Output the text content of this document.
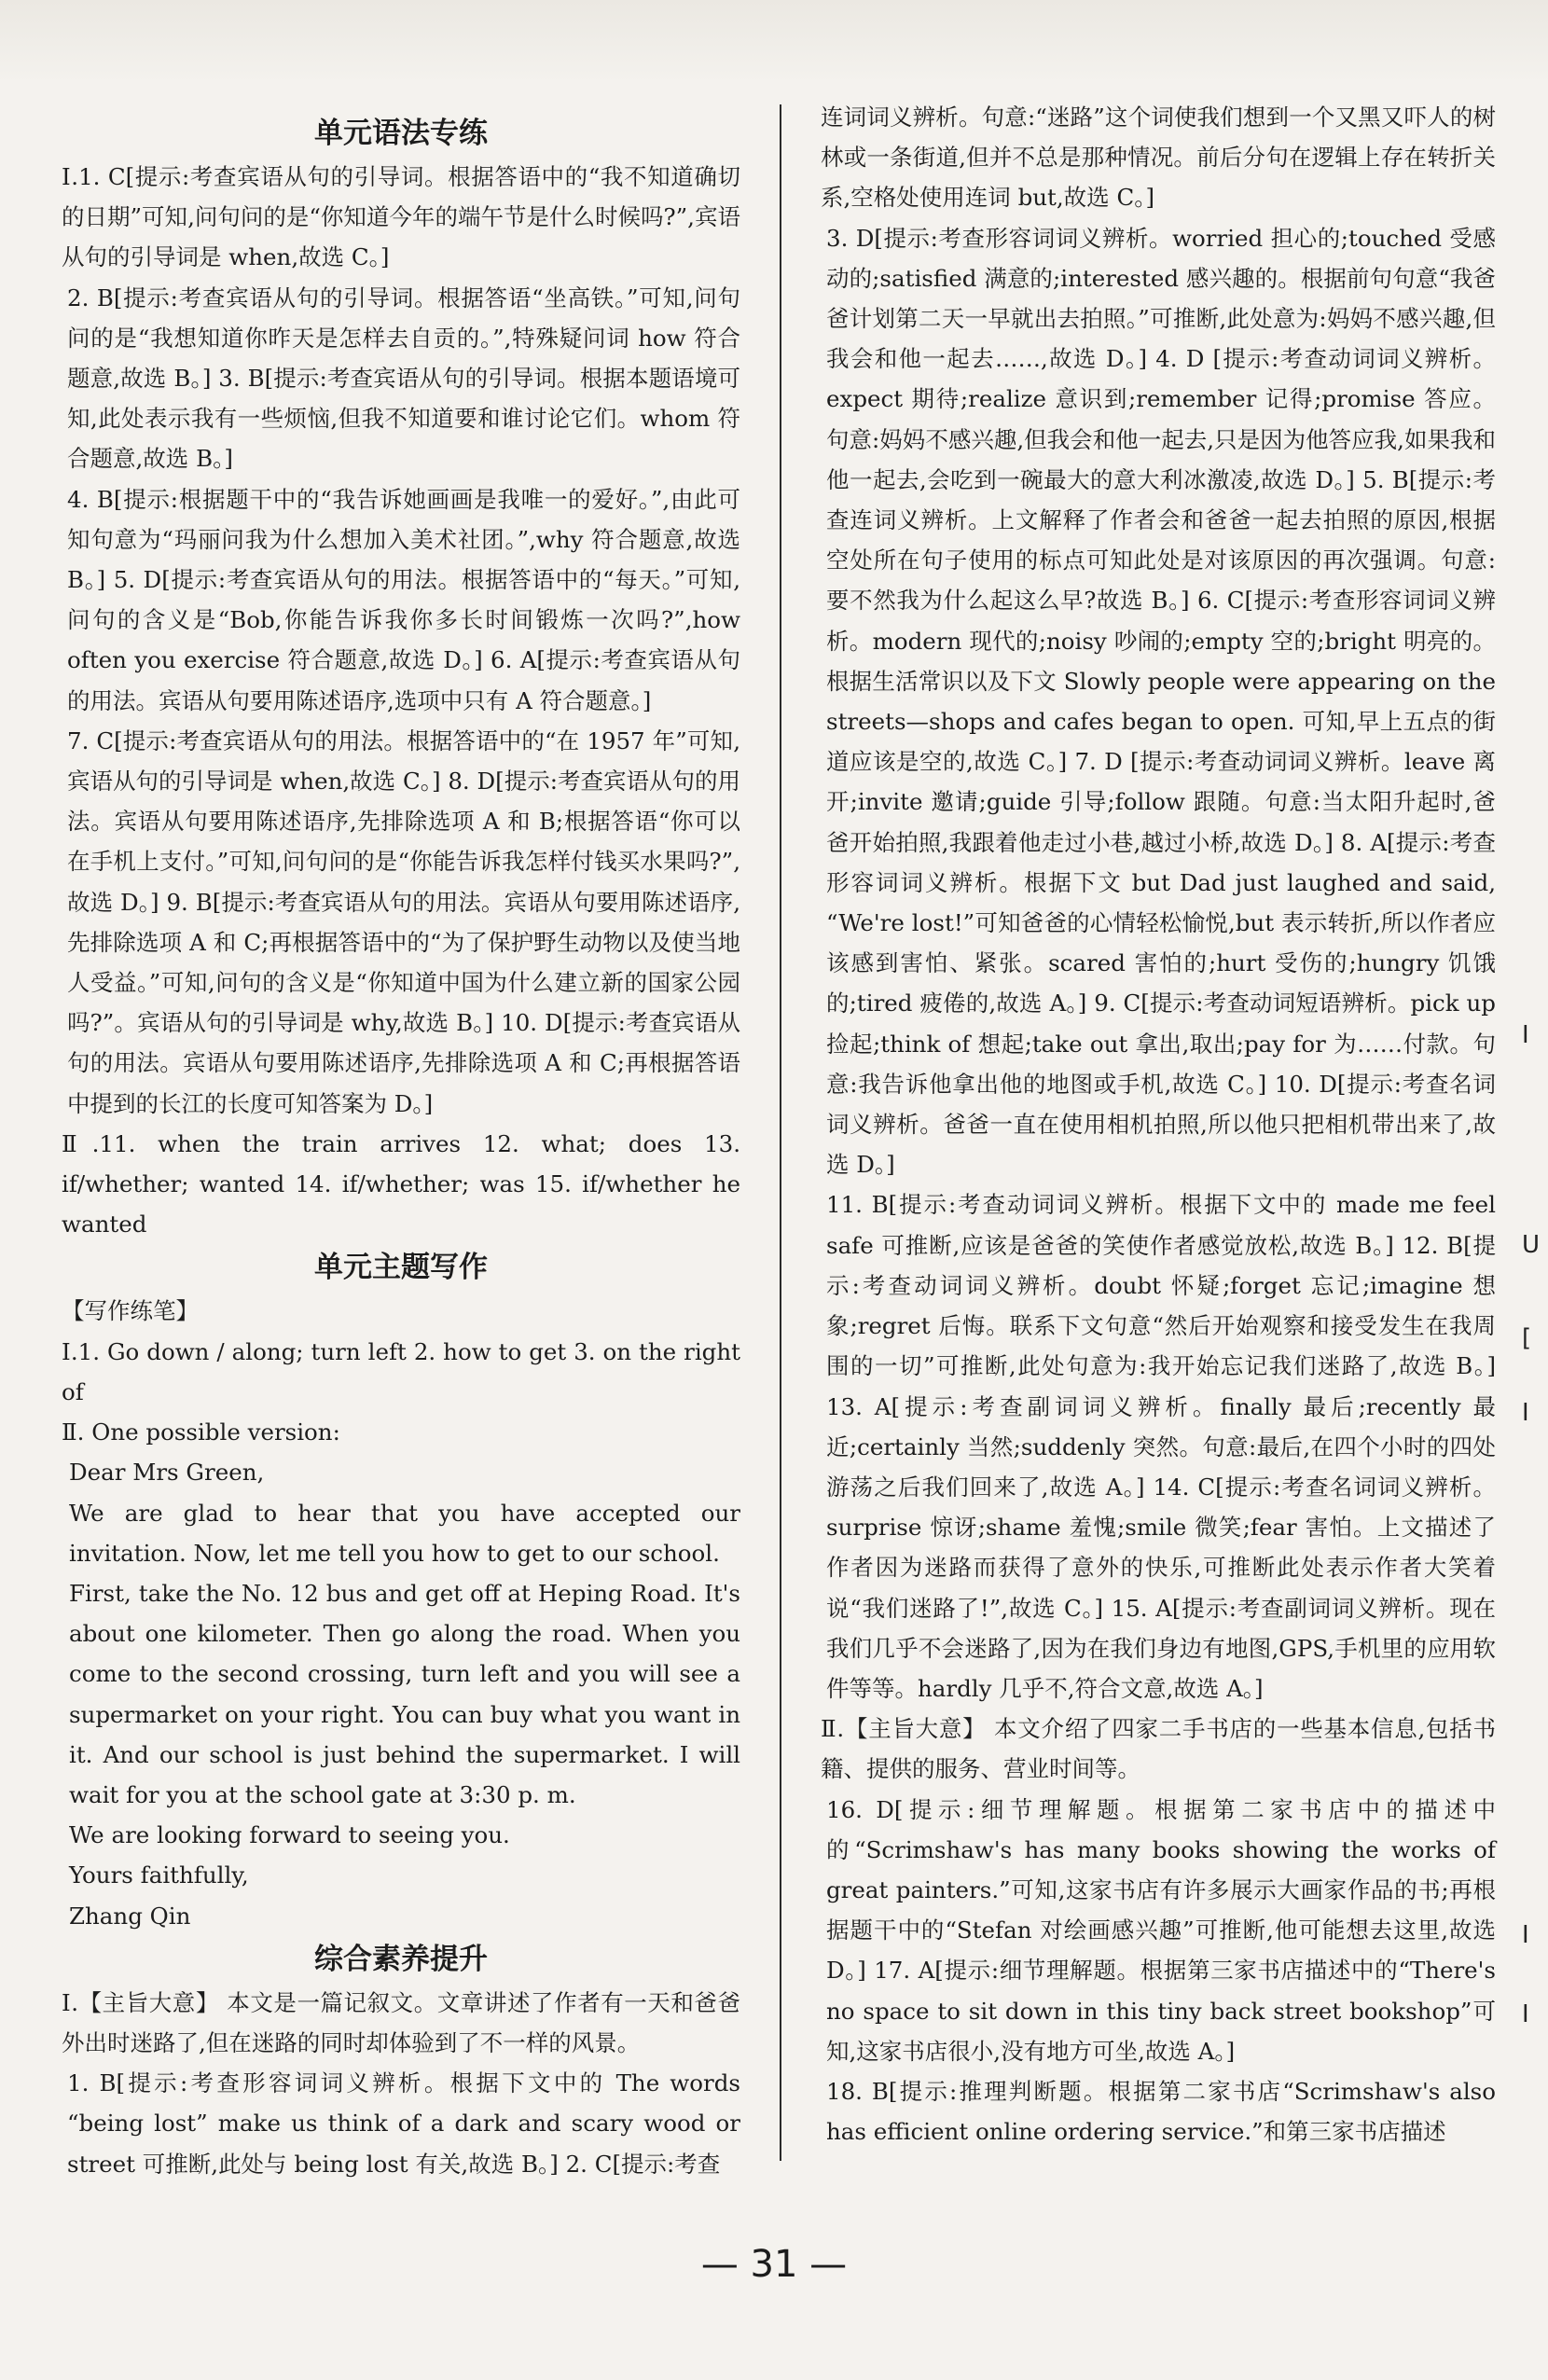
单元语法专练

Ⅰ.1. C[提示:考查宾语从句的引导词。根据答语中的“我不知道确切的日期”可知,问句问的是“你知道今年的端午节是什么时候吗?”,宾语从句的引导词是 when,故选 C。]

2. B[提示:考查宾语从句的引导词。根据答语“坐高铁。”可知,问句问的是“我想知道你昨天是怎样去自贡的。”,特殊疑问词 how 符合题意,故选 B。] 3. B[提示:考查宾语从句的引导词。根据本题语境可知,此处表示我有一些烦恼,但我不知道要和谁讨论它们。whom 符合题意,故选 B。]

4. B[提示:根据题干中的“我告诉她画画是我唯一的爱好。”,由此可知句意为“玛丽问我为什么想加入美术社团。”,why 符合题意,故选 B。] 5. D[提示:考查宾语从句的用法。根据答语中的“每天。”可知,问句的含义是“Bob,你能告诉我你多长时间锻炼一次吗?”,how often you exercise 符合题意,故选 D。] 6. A[提示:考查宾语从句的用法。宾语从句要用陈述语序,选项中只有 A 符合题意。]

7. C[提示:考查宾语从句的用法。根据答语中的“在 1957 年”可知,宾语从句的引导词是 when,故选 C。] 8. D[提示:考查宾语从句的用法。宾语从句要用陈述语序,先排除选项 A 和 B;根据答语“你可以在手机上支付。”可知,问句问的是“你能告诉我怎样付钱买水果吗?”,故选 D。] 9. B[提示:考查宾语从句的用法。宾语从句要用陈述语序,先排除选项 A 和 C;再根据答语中的“为了保护野生动物以及使当地人受益。”可知,问句的含义是“你知道中国为什么建立新的国家公园吗?”。宾语从句的引导词是 why,故选 B。] 10. D[提示:考查宾语从句的用法。宾语从句要用陈述语序,先排除选项 A 和 C;再根据答语中提到的长江的长度可知答案为 D。]

Ⅱ.11. when the train arrives 12. what; does 13. if/whether; wanted 14. if/whether; was 15. if/whether he wanted

单元主题写作

【写作练笔】

Ⅰ.1. Go down / along; turn left 2. how to get 3. on the right of

Ⅱ. One possible version:

Dear Mrs Green,

We are glad to hear that you have accepted our invitation. Now, let me tell you how to get to our school.

First, take the No. 12 bus and get off at Heping Road. It's about one kilometer. Then go along the road. When you come to the second crossing, turn left and you will see a supermarket on your right. You can buy what you want in it. And our school is just behind the supermarket. I will wait for you at the school gate at 3:30 p. m.

We are looking forward to seeing you.

Yours faithfully,

Zhang Qin

综合素养提升

Ⅰ.【主旨大意】 本文是一篇记叙文。文章讲述了作者有一天和爸爸外出时迷路了,但在迷路的同时却体验到了不一样的风景。

1. B[提示:考查形容词词义辨析。根据下文中的 The words “being lost” make us think of a dark and scary wood or street 可推断,此处与 being lost 有关,故选 B。] 2. C[提示:考查

连词词义辨析。句意:“迷路”这个词使我们想到一个又黑又吓人的树林或一条街道,但并不总是那种情况。前后分句在逻辑上存在转折关系,空格处使用连词 but,故选 C。]

3. D[提示:考查形容词词义辨析。worried 担心的;touched 受感动的;satisfied 满意的;interested 感兴趣的。根据前句句意“我爸爸计划第二天一早就出去拍照。”可推断,此处意为:妈妈不感兴趣,但我会和他一起去……,故选 D。] 4. D [提示:考查动词词义辨析。expect 期待;realize 意识到;remember 记得;promise 答应。句意:妈妈不感兴趣,但我会和他一起去,只是因为他答应我,如果我和他一起去,会吃到一碗最大的意大利冰激凌,故选 D。] 5. B[提示:考查连词义辨析。上文解释了作者会和爸爸一起去拍照的原因,根据空处所在句子使用的标点可知此处是对该原因的再次强调。句意:要不然我为什么起这么早?故选 B。] 6. C[提示:考查形容词词义辨析。modern 现代的;noisy 吵闹的;empty 空的;bright 明亮的。根据生活常识以及下文 Slowly people were appearing on the streets—shops and cafes began to open. 可知,早上五点的街道应该是空的,故选 C。] 7. D [提示:考查动词词义辨析。leave 离开;invite 邀请;guide 引导;follow 跟随。句意:当太阳升起时,爸爸开始拍照,我跟着他走过小巷,越过小桥,故选 D。] 8. A[提示:考查形容词词义辨析。根据下文 but Dad just laughed and said, “We're lost!”可知爸爸的心情轻松愉悦,but 表示转折,所以作者应该感到害怕、紧张。scared 害怕的;hurt 受伤的;hungry 饥饿的;tired 疲倦的,故选 A。] 9. C[提示:考查动词短语辨析。pick up 捡起;think of 想起;take out 拿出,取出;pay for 为……付款。句意:我告诉他拿出他的地图或手机,故选 C。] 10. D[提示:考查名词词义辨析。爸爸一直在使用相机拍照,所以他只把相机带出来了,故选 D。]

11. B[提示:考查动词词义辨析。根据下文中的 made me feel safe 可推断,应该是爸爸的笑使作者感觉放松,故选 B。] 12. B[提示:考查动词词义辨析。doubt 怀疑;forget 忘记;imagine 想象;regret 后悔。联系下文句意“然后开始观察和接受发生在我周围的一切”可推断,此处句意为:我开始忘记我们迷路了,故选 B。] 13. A[提示:考查副词词义辨析。finally 最后;recently 最近;certainly 当然;suddenly 突然。句意:最后,在四个小时的四处游荡之后我们回来了,故选 A。] 14. C[提示:考查名词词义辨析。surprise 惊讶;shame 羞愧;smile 微笑;fear 害怕。上文描述了作者因为迷路而获得了意外的快乐,可推断此处表示作者大笑着说“我们迷路了!”,故选 C。] 15. A[提示:考查副词词义辨析。现在我们几乎不会迷路了,因为在我们身边有地图,GPS,手机里的应用软件等等。hardly 几乎不,符合文意,故选 A。]

Ⅱ.【主旨大意】 本文介绍了四家二手书店的一些基本信息,包括书籍、提供的服务、营业时间等。

16. D[提示:细节理解题。根据第二家书店中的描述中的“Scrimshaw's has many books showing the works of great painters.”可知,这家书店有许多展示大画家作品的书;再根据题干中的“Stefan 对绘画感兴趣”可推断,他可能想去这里,故选 D。] 17. A[提示:细节理解题。根据第三家书店描述中的“There's no space to sit down in this tiny back street bookshop”可知,这家书店很小,没有地方可坐,故选 A。]

18. B[提示:推理判断题。根据第二家书店“Scrimshaw's also has efficient online ordering service.”和第三家书店描述

I
U
[
I
I
I
— 31 —
